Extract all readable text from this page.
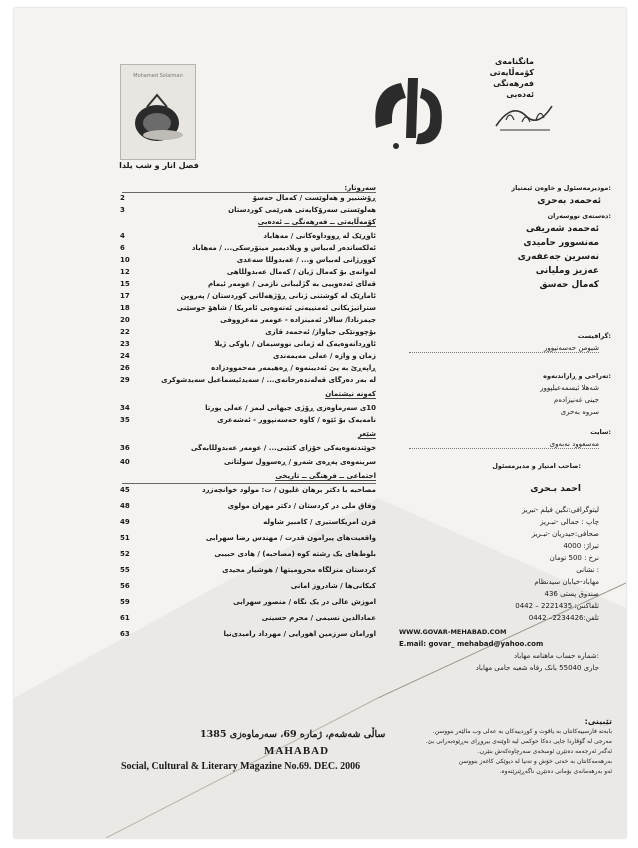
Mohamed Solaiman
فصل انار و شب یلدا
مانگنامەی
کۆمەڵایەتی
فەرهەنگی
ئەدەبی
مودیرمەسئول و خاوەن ئیمتیاز:
ئەحمەد بەحری
دەستەی نووسەران:
ئەحمەد شەریفی
مەنسوور حامیدی
نەسرین جەعفەری
عەزیز وملیانی
کەمال حەسق
گرافیست:
شیومن حەسەنپوور
تەراحی و ڕازاندنەوە:
شەهلا ئیسمەعیلپوور
جینی غەنیزادەم
سروە بەحری
سایت:
مەسعوود نەبەوی
صاحب امتیاز و مدیرمسئول:
احمد بـحری
لیتوگرافی:نگین فیلم -تبریز
چاپ : جمالی -تبـریز
صحافی:حیدریان -تبـریز
تیراژ: 4000
نرخ : 500 تومان
نشانی :
مهاباد-خیابان سیدنظام
صندوق پستی 436
تلفاکس: 2221435 – 0442
تلفن:2234426– 0442
WWW.GOVAR-MEHABAD.COM
E.mail: govar_ mehabad@yahoo.com
شماره حساب ماهنامه مهاباد:
جاری 55040 بانک رفاه شعبه جامی مهاباد
سەروتار:
2	ڕۆشنبیر و هەڵوێست / کەماڵ حەسۆ
3	هەڵوێستی سەرۆکایەتی هەرێمی کوردستان
کۆمەڵایەتی ــ فەرهەنگی ــ ئەدەبی
4	ئاوڕێک لە ڕووداوەکانی / مەهاباد
6	ئەلکساندەر لەبیاس و ویلادیمیر مینۆرسکی... / مەهاباد
10	کوورژانی لەبیاس و... / عەبدوڵڵا سەعدی
12	لەوانەی بۆ کەماڵ ژیان / کەماڵ عەبدوڵڵاهی
15	قەڵای ئەدەوییی بە گژلیبانی نازمی / عومەر ئیمام
17	ئامارێک لە کوشتنی ژنانی ڕۆژهەڵاتی کوردستان / پەروین
18	ستراتیژیکانی ئەمنییەتی ئەتەوەیی ئامریکا / شاهۆ حوسێنی
20	جیمزنادا/ سالار ئەمینزادە - عومەر مەعرووفی
22	بۆچوونێکی جیاواز/ ئەحمەد قازی
23	ئاوڕدانەوەیەک لە ژمانی نووسیمان / یاوکی ژیلا
24	زمان و وازە / عەلی مەیمەندی
26	ڕاپەڕێ بە پێ ئەدیبنەوە / ڕەهیمەر مەحموودزادە
29	لە بەر دەرگای قەلەندەرخانەی... / سەیدئیسماعیل سەیدشوکری
کەونە نیشتمان
34	10ی سەرماوەزی ڕۆژی جیهانی لیمز / عەلی پورتا
35	نامەیەک بۆ ئێوە / کاوە حەسەنپوور - ئەشەعری
شێعر
36	خوێندنەوەیەکی خۆزای کتێبی... / عومەر عەبدوڵڵابەگی
40	سرینەوەی پەڕەی شەرو / ڕەسوول سوڵتانی
اجتماعی ــ فرهنگی ــ تاریخی
45	مصاحبه با دکتر برهان غلیون / ت: مولود خوانچەزرد
48	وفاق ملی در کردستان / دکتر مهران مولوی
49	قرن آمریکاستیزی / کامبیز شاوله
51	واقعیت‌های پیرامون قدرت / مهندس رضا سهرابی
52	بلوط‌های یک رشته کوه (مصاحبه) / هادی حبیبی
55	کردستان منزلگاه محرومیتها / هوشیار مجیدی
56	کبکانی‌ها / شادروز امانی
59	آموزش عالی در یک نگاه / منصور سهرابی
61	عمادالدین نسیمی / محرم حسینی
63	اورامان سرزمین اهورایی / مهرداد رامیدی‌نیا
ساڵی شەشەم، ژمارە 69، سەرماوەزی 1385
MAHABAD
Social, Cultural & Literary Magazine No.69. DEC. 2006
تێبینی:
بابەتە فارسییەکانتان بە یاقوت و کوردییەکان بە عەلی وب مالێەر بنووسن.
مەرجی لە گۆڤاردا جاپی دەکا حوکمی لیە ئاوێنەی بیروڕای بەڕێوەبەرانی بێ.
ئەگەر ئەرجەمە دەنێرن ئوسخەی سەرچاوەکەش بنێرن.
بەرهەمەکانتان بە خەتی خۆش و تەنیا لە دیوێکی کاغەز بنووسن
ئەو بەرهەمانەی بۆمانی دەنێرن ناگەڕێنرێنەوە.
